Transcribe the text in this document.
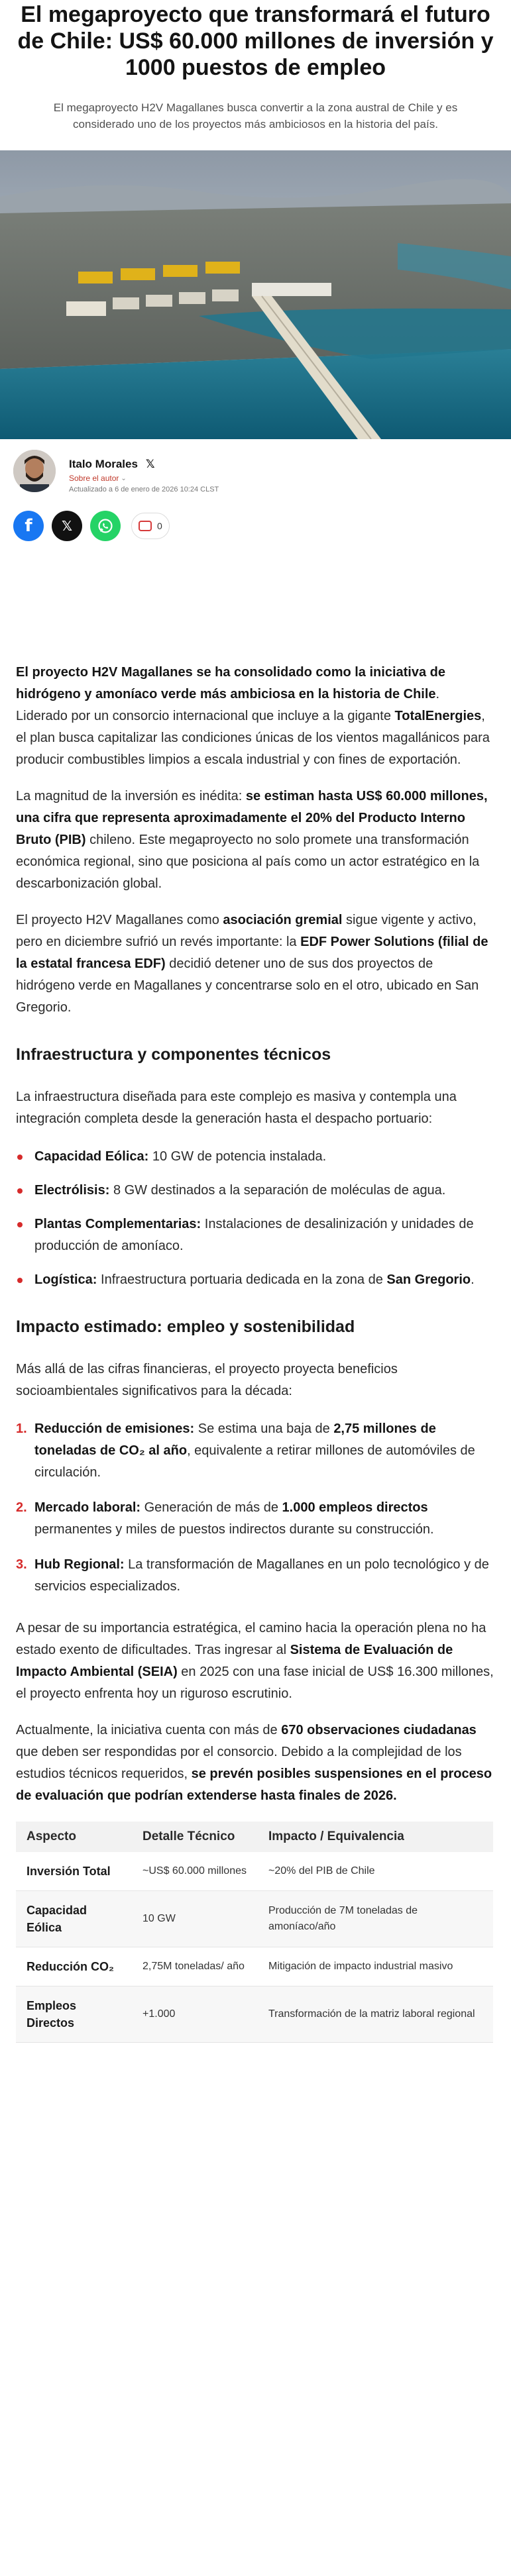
El megaproyecto que transformará el futuro de Chile: US$ 60.000 millones de inversión y 1000 puestos de empleo

El megaproyecto H2V Magallanes busca convertir a la zona austral de Chile y es considerado uno de los proyectos más ambiciosos en la historia del país.

Italo Morales 𝕏
Sobre el autor ⌄
Actualizado a 6 de enero de 2026 10:24 CLST
f 𝕏	0

El proyecto H2V Magallanes se ha consolidado como la iniciativa de hidrógeno y amoníaco verde más ambiciosa en la historia de Chile. Liderado por un consorcio internacional que incluye a la gigante TotalEnergies, el plan busca capitalizar las condiciones únicas de los vientos magallánicos para producir combustibles limpios a escala industrial y con fines de exportación.

La magnitud de la inversión es inédita: se estiman hasta US$ 60.000 millones, una cifra que representa aproximadamente el 20% del Producto Interno Bruto (PIB) chileno. Este megaproyecto no solo promete una transformación económica regional, sino que posiciona al país como un actor estratégico en la descarbonización global.

El proyecto H2V Magallanes como asociación gremial sigue vigente y activo, pero en diciembre sufrió un revés importante: la EDF Power Solutions (filial de la estatal francesa EDF) decidió detener uno de sus dos proyectos de hidrógeno verde en Magallanes y concentrarse solo en el otro, ubicado en San Gregorio.

Infraestructura y componentes técnicos

La infraestructura diseñada para este complejo es masiva y contempla una integración completa desde la generación hasta el despacho portuario:

Capacidad Eólica: 10 GW de potencia instalada.
Electrólisis: 8 GW destinados a la separación de moléculas de agua.
Plantas Complementarias: Instalaciones de desalinización y unidades de producción de amoníaco.
Logística: Infraestructura portuaria dedicada en la zona de San Gregorio.
Impacto estimado: empleo y sostenibilidad

Más allá de las cifras financieras, el proyecto proyecta beneficios socioambientales significativos para la década:

1. Reducción de emisiones: Se estima una baja de 2,75 millones de toneladas de CO₂ al año, equivalente a retirar millones de automóviles de circulación.
2. Mercado laboral: Generación de más de 1.000 empleos directos permanentes y miles de puestos indirectos durante su construcción.
3. Hub Regional: La transformación de Magallanes en un polo tecnológico y de servicios especializados.

A pesar de su importancia estratégica, el camino hacia la operación plena no ha estado exento de dificultades. Tras ingresar al Sistema de Evaluación de Impacto Ambiental (SEIA) en 2025 con una fase inicial de US$ 16.300 millones, el proyecto enfrenta hoy un riguroso escrutinio.

Actualmente, la iniciativa cuenta con más de 670 observaciones ciudadanas que deben ser respondidas por el consorcio. Debido a la complejidad de los estudios técnicos requeridos, se prevén posibles suspensiones en el proceso de evaluación que podrían extenderse hasta finales de 2026.

Aspecto	Detalle Técnico	Impacto / Equivalencia
Inversión Total	~US$ 60.000 millones	~20% del PIB de Chile
Capacidad Eólica	10 GW	Producción de 7M toneladas de amoníaco/año
Reducción CO₂	2,75M toneladas/ año	Mitigación de impacto industrial masivo
Empleos Directos	+1.000	Transformación de la matriz laboral regional
